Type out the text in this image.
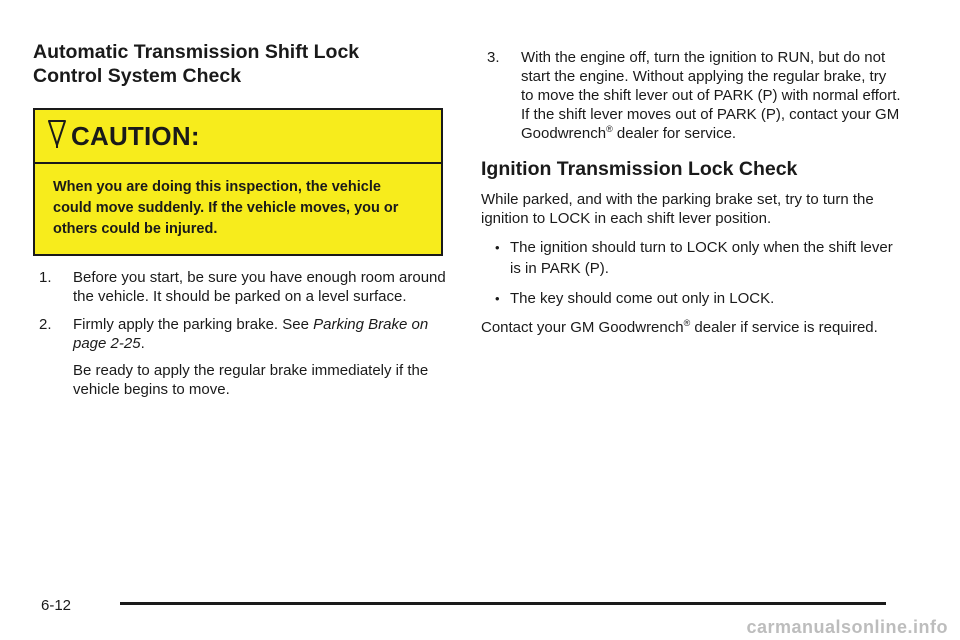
Automatic Transmission Shift Lock Control System Check
CAUTION:
When you are doing this inspection, the vehicle could move suddenly. If the vehicle moves, you or others could be injured.
1. Before you start, be sure you have enough room around the vehicle. It should be parked on a level surface.
2. Firmly apply the parking brake. See Parking Brake on page 2-25.
Be ready to apply the regular brake immediately if the vehicle begins to move.
3. With the engine off, turn the ignition to RUN, but do not start the engine. Without applying the regular brake, try to move the shift lever out of PARK (P) with normal effort. If the shift lever moves out of PARK (P), contact your GM Goodwrench® dealer for service.
Ignition Transmission Lock Check
While parked, and with the parking brake set, try to turn the ignition to LOCK in each shift lever position.
• The ignition should turn to LOCK only when the shift lever is in PARK (P).
• The key should come out only in LOCK.
Contact your GM Goodwrench® dealer if service is required.
6-12
carmanualsonline.info
